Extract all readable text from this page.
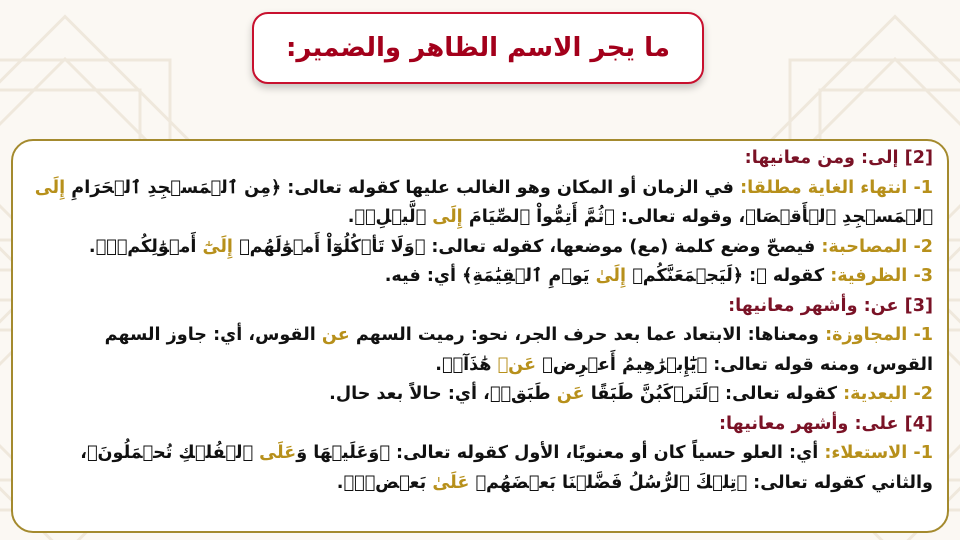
ما يجر الاسم الظاهر والضمير:
[2] إلى: ومن معانيها:
1- انتهاء الغاية مطلقا: في الزمان أو المكان وهو الغالب عليها كقوله تعالى: ﴿مِن ٱلۡمَسۡجِدِ ٱلۡحَرَامِ إِلَى
ٱلۡمَسۡجِدِ ٱلۡأَقۡصَا﴾، وقوله تعالى: ﴿ثُمَّ أَتِمُّواْ ٱلصِّيَامَ إِلَى ٱلَّيۡلِۚ﴾.
2- المصاحبة: فيصحّ وضع كلمة (مع) موضعها، كقوله تعالى: ﴿وَلَا تَأۡكُلُوٓاْ أَمۡوَٰلَهُمۡ إِلَىٰٓ أَمۡوَٰلِكُمۡۚ﴾.
3- الظرفية: كقوله ﷻ: ﴿لَيَجۡمَعَنَّكُمۡ إِلَىٰ يَوۡمِ ٱلۡقِيَٰمَةِ﴾ أي: فيه.
[3] عن: وأشهر معانيها:
1- المجاوزة: ومعناها: الابتعاد عما بعد حرف الجر، نحو: رميت السهم عن القوس، أي: جاوز السهم
القوس، ومنه قوله تعالى: ﴿يَٰٓإِبۡرَٰهِيمُ أَعۡرِضۡ عَنۡ هَٰذَآۖ﴾.
2- البعدية: كقوله تعالى: ﴿لَتَرۡكَبُنَّ طَبَقًا عَن طَبَقٖ﴾، أي: حالاً بعد حال.
[4] على: وأشهر معانيها:
1- الاستعلاء: أي: العلو حسياً كان أو معنويًا، الأول كقوله تعالى: ﴿وَعَلَيۡهَا وَعَلَى ٱلۡفُلۡكِ تُحۡمَلُونَ﴾،
والثاني كقوله تعالى: ﴿تِلۡكَ ٱلرُّسُلُ فَضَّلۡنَا بَعۡضَهُمۡ عَلَىٰ بَعۡضٖۘ﴾.
